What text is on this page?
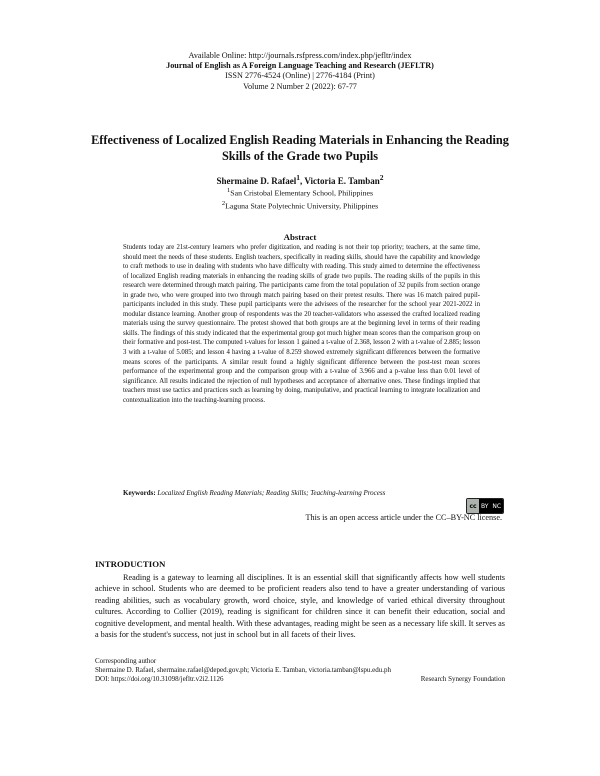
Available Online: http://journals.rsfpress.com/index.php/jefltr/index
Journal of English as A Foreign Language Teaching and Research (JEFLTR)
ISSN 2776-4524 (Online) | 2776-4184 (Print)
Volume 2 Number 2 (2022): 67-77
Effectiveness of Localized English Reading Materials in Enhancing the Reading Skills of the Grade two Pupils
Shermaine D. Rafael$^1$, Victoria E. Tamban$^2$
$^1$San Cristobal Elementary School, Philippines
$^2$Laguna State Polytechnic University, Philippines
Abstract
Students today are 21st-century learners who prefer digitization, and reading is not their top priority; teachers, at the same time, should meet the needs of these students. English teachers, specifically in reading skills, should have the capability and knowledge to craft methods to use in dealing with students who have difficulty with reading. This study aimed to determine the effectiveness of localized English reading materials in enhancing the reading skills of grade two pupils. The reading skills of the pupils in this research were determined through match pairing. The participants came from the total population of 32 pupils from section orange in grade two, who were grouped into two through match pairing based on their pretest results. There was 16 match paired pupil-participants included in this study. These pupil participants were the advisees of the researcher for the school year 2021-2022 in modular distance learning. Another group of respondents was the 20 teacher-validators who assessed the crafted localized reading materials using the survey questionnaire. The pretest showed that both groups are at the beginning level in terms of their reading skills. The findings of this study indicated that the experimental group got much higher mean scores than the comparison group on their formative and post-test. The computed t-values for lesson 1 gained a t-value of 2.368, lesson 2 with a t-value of 2.885; lesson 3 with a t-value of 5.085; and lesson 4 having a t-value of 8.259 showed extremely significant differences between the formative means scores of the participants. A similar result found a highly significant difference between the post-test mean scores performance of the experimental group and the comparison group with a t-value of 3.966 and a p-value less than 0.01 level of significance. All results indicated the rejection of null hypotheses and acceptance of alternative ones. These findings implied that teachers must use tactics and practices such as learning by doing, manipulative, and practical learning to integrate localization and contextualization into the teaching-learning process.
Keywords: Localized English Reading Materials; Reading Skills; Teaching-learning Process
cc BY NC
This is an open access article under the CC–BY-NC license.
INTRODUCTION
Reading is a gateway to learning all disciplines. It is an essential skill that significantly affects how well students achieve in school. Students who are deemed to be proficient readers also tend to have a greater understanding of various reading abilities, such as vocabulary growth, word choice, style, and knowledge of varied ethical diversity throughout cultures. According to Collier (2019), reading is significant for children since it can benefit their education, social and cognitive development, and mental health. With these advantages, reading might be seen as a necessary life skill. It serves as a basis for the student's success, not just in school but in all facets of their lives.
Corresponding author
Shermaine D. Rafael, shermaine.rafael@deped.gov.ph; Victoria E. Tamban, victoria.tamban@lspu.edu.ph
DOI: https://doi.org/10.31098/jefltr.v2i2.1126	Research Synergy Foundation
